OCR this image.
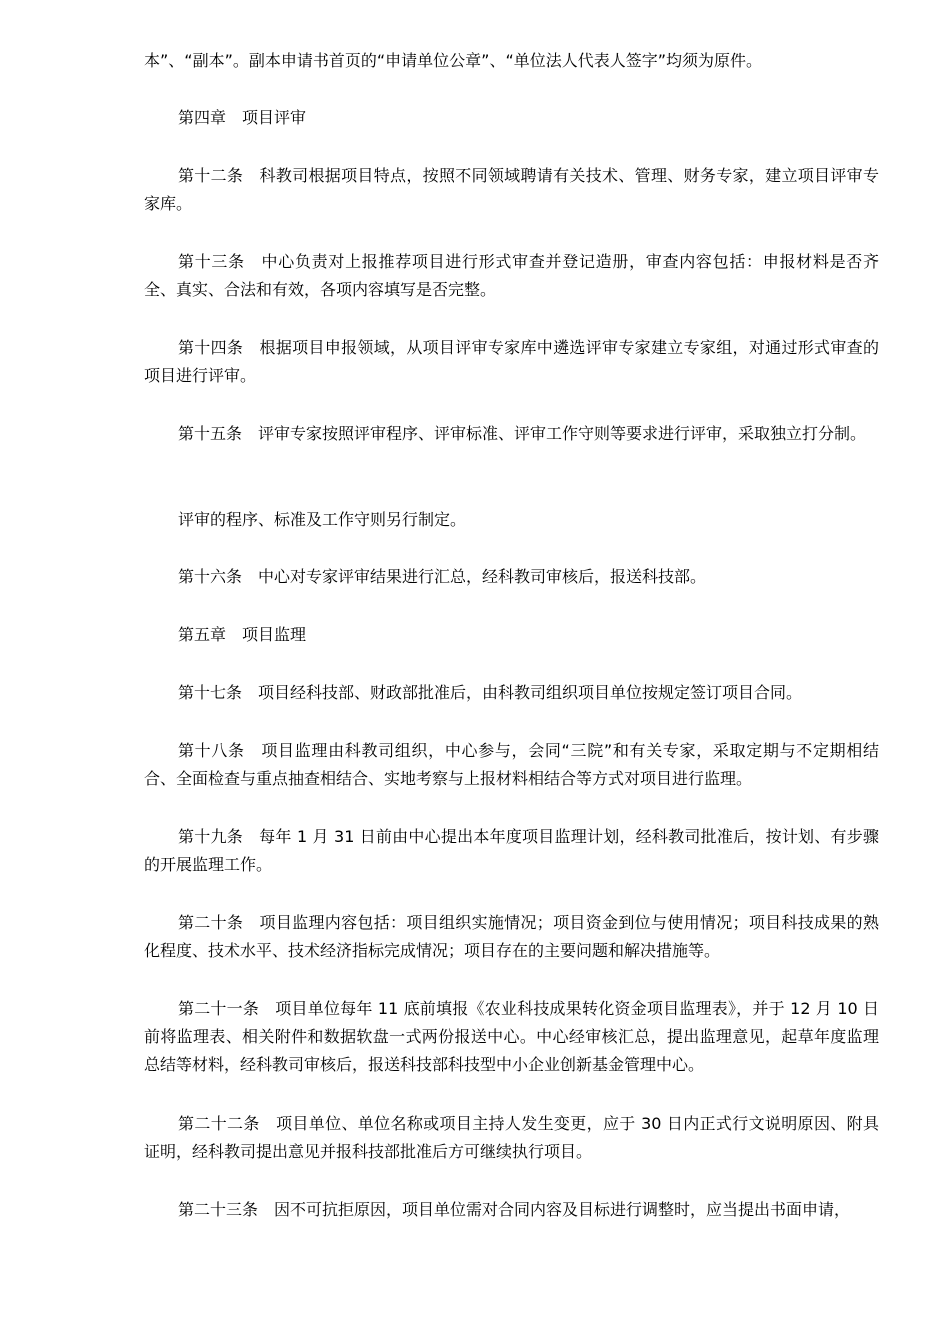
本”、“副本”。副本申请书首页的“申请单位公章”、“单位法人代表人签字”均须为原件。

第四章　项目评审

第十二条　科教司根据项目特点，按照不同领域聘请有关技术、管理、财务专家，建立项目评审专家库。

第十三条　中心负责对上报推荐项目进行形式审查并登记造册，审查内容包括：申报材料是否齐全、真实、合法和有效，各项内容填写是否完整。

第十四条　根据项目申报领域，从项目评审专家库中遴选评审专家建立专家组，对通过形式审查的项目进行评审。

第十五条　评审专家按照评审程序、评审标准、评审工作守则等要求进行评审，采取独立打分制。

评审的程序、标准及工作守则另行制定。

第十六条　中心对专家评审结果进行汇总，经科教司审核后，报送科技部。

第五章　项目监理

第十七条　项目经科技部、财政部批准后，由科教司组织项目单位按规定签订项目合同。

第十八条　项目监理由科教司组织，中心参与，会同“三院”和有关专家，采取定期与不定期相结合、全面检查与重点抽查相结合、实地考察与上报材料相结合等方式对项目进行监理。

第十九条　每年 1 月 31 日前由中心提出本年度项目监理计划，经科教司批准后，按计划、有步骤的开展监理工作。

第二十条　项目监理内容包括：项目组织实施情况；项目资金到位与使用情况；项目科技成果的熟化程度、技术水平、技术经济指标完成情况；项目存在的主要问题和解决措施等。

第二十一条　项目单位每年 11 底前填报《农业科技成果转化资金项目监理表》，并于 12 月 10 日前将监理表、相关附件和数据软盘一式两份报送中心。中心经审核汇总，提出监理意见，起草年度监理总结等材料，经科教司审核后，报送科技部科技型中小企业创新基金管理中心。

第二十二条　项目单位、单位名称或项目主持人发生变更，应于 30 日内正式行文说明原因、附具证明，经科教司提出意见并报科技部批准后方可继续执行项目。

第二十三条　因不可抗拒原因，项目单位需对合同内容及目标进行调整时，应当提出书面申请，
